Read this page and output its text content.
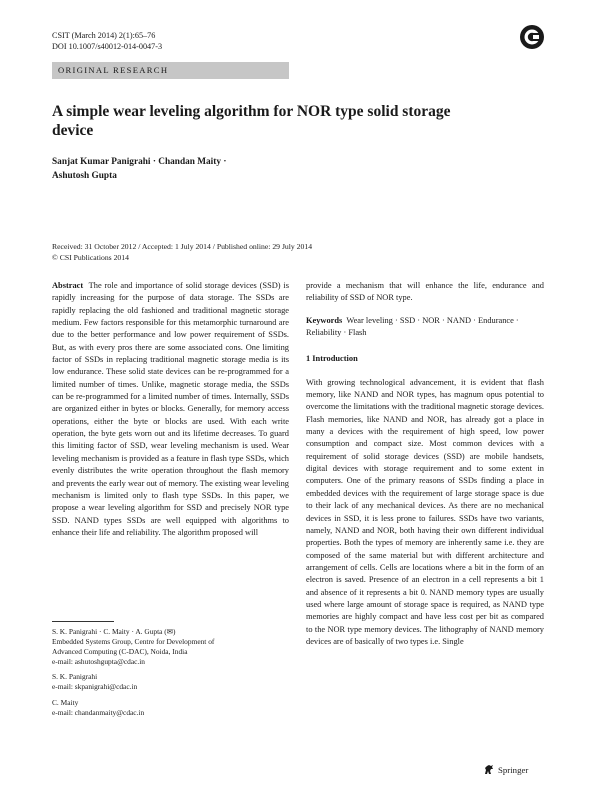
CSIT (March 2014) 2(1):65–76
DOI 10.1007/s40012-014-0047-3
ORIGINAL RESEARCH
A simple wear leveling algorithm for NOR type solid storage
device
Sanjat Kumar Panigrahi · Chandan Maity ·
Ashutosh Gupta
Received: 31 October 2012 / Accepted: 1 July 2014 / Published online: 29 July 2014
© CSI Publications 2014

Abstract The role and importance of solid storage devices (SSD) is rapidly increasing for the purpose of data storage. The SSDs are rapidly replacing the old fashioned and traditional magnetic storage medium. Few factors responsible for this metamorphic turnaround are due to the better performance and low power requirement of SSDs. But, as with every pros there are some associated cons. One limiting factor of SSDs in replacing traditional magnetic storage media is its low endurance. These solid state devices can be re-programmed for a limited number of times. Unlike, magnetic storage media, the SSDs can be re-programmed for a limited number of times. Internally, SSDs are organized either in bytes or blocks. Generally, for memory access operations, either the byte or blocks are used. With each write operation, the byte gets worn out and its lifetime decreases. To guard this limiting factor of SSD, wear leveling mechanism is used. Wear leveling mechanism is provided as a feature in flash type SSDs, which evenly distributes the write operation throughout the flash memory and prevents the early wear out of memory. The existing wear leveling mechanism is limited only to flash type SSDs. In this paper, we propose a wear leveling algorithm for SSD and precisely NOR type SSD. NAND types SSDs are well equipped with algorithms to enhance their life and reliability. The algorithm proposed will

S. K. Panigrahi · C. Maity · A. Gupta (✉)
Embedded Systems Group, Centre for Development of
Advanced Computing (C-DAC), Noida, India
e-mail: ashutoshgupta@cdac.in

S. K. Panigrahi
e-mail: skpanigrahi@cdac.in

C. Maity
e-mail: chandanmaity@cdac.in

provide a mechanism that will enhance the life, endurance and reliability of SSD of NOR type.

Keywords Wear leveling · SSD · NOR · NAND · Endurance · Reliability · Flash

1 Introduction

With growing technological advancement, it is evident that flash memory, like NAND and NOR types, has magnum opus potential to overcome the limitations with the traditional magnetic storage devices. Flash memories, like NAND and NOR, has already got a place in many a devices with the requirement of high speed, low power consumption and compact size. Most common devices with a requirement of solid storage devices (SSD) are mobile handsets, digital devices with storage requirement and to some extent in computers. One of the primary reasons of SSDs finding a place in embedded devices with the requirement of large storage space is due to their lack of any mechanical devices. As there are no mechanical devices in SSD, it is less prone to failures. SSDs have two variants, namely, NAND and NOR, both having their own different individual properties. Both the types of memory are inherently same i.e. they are composed of the same material but with different architecture and arrangement of cells. Cells are locations where a bit in the form of an electron is saved. Presence of an electron in a cell represents a bit 1 and absence of it represents a bit 0. NAND memory types are usually used where large amount of storage space is required, as NAND type memories are highly compact and have less cost per bit as compared to the NOR type memory devices. The lithography of NAND memory devices are of basically of two types i.e. Single

Springer
